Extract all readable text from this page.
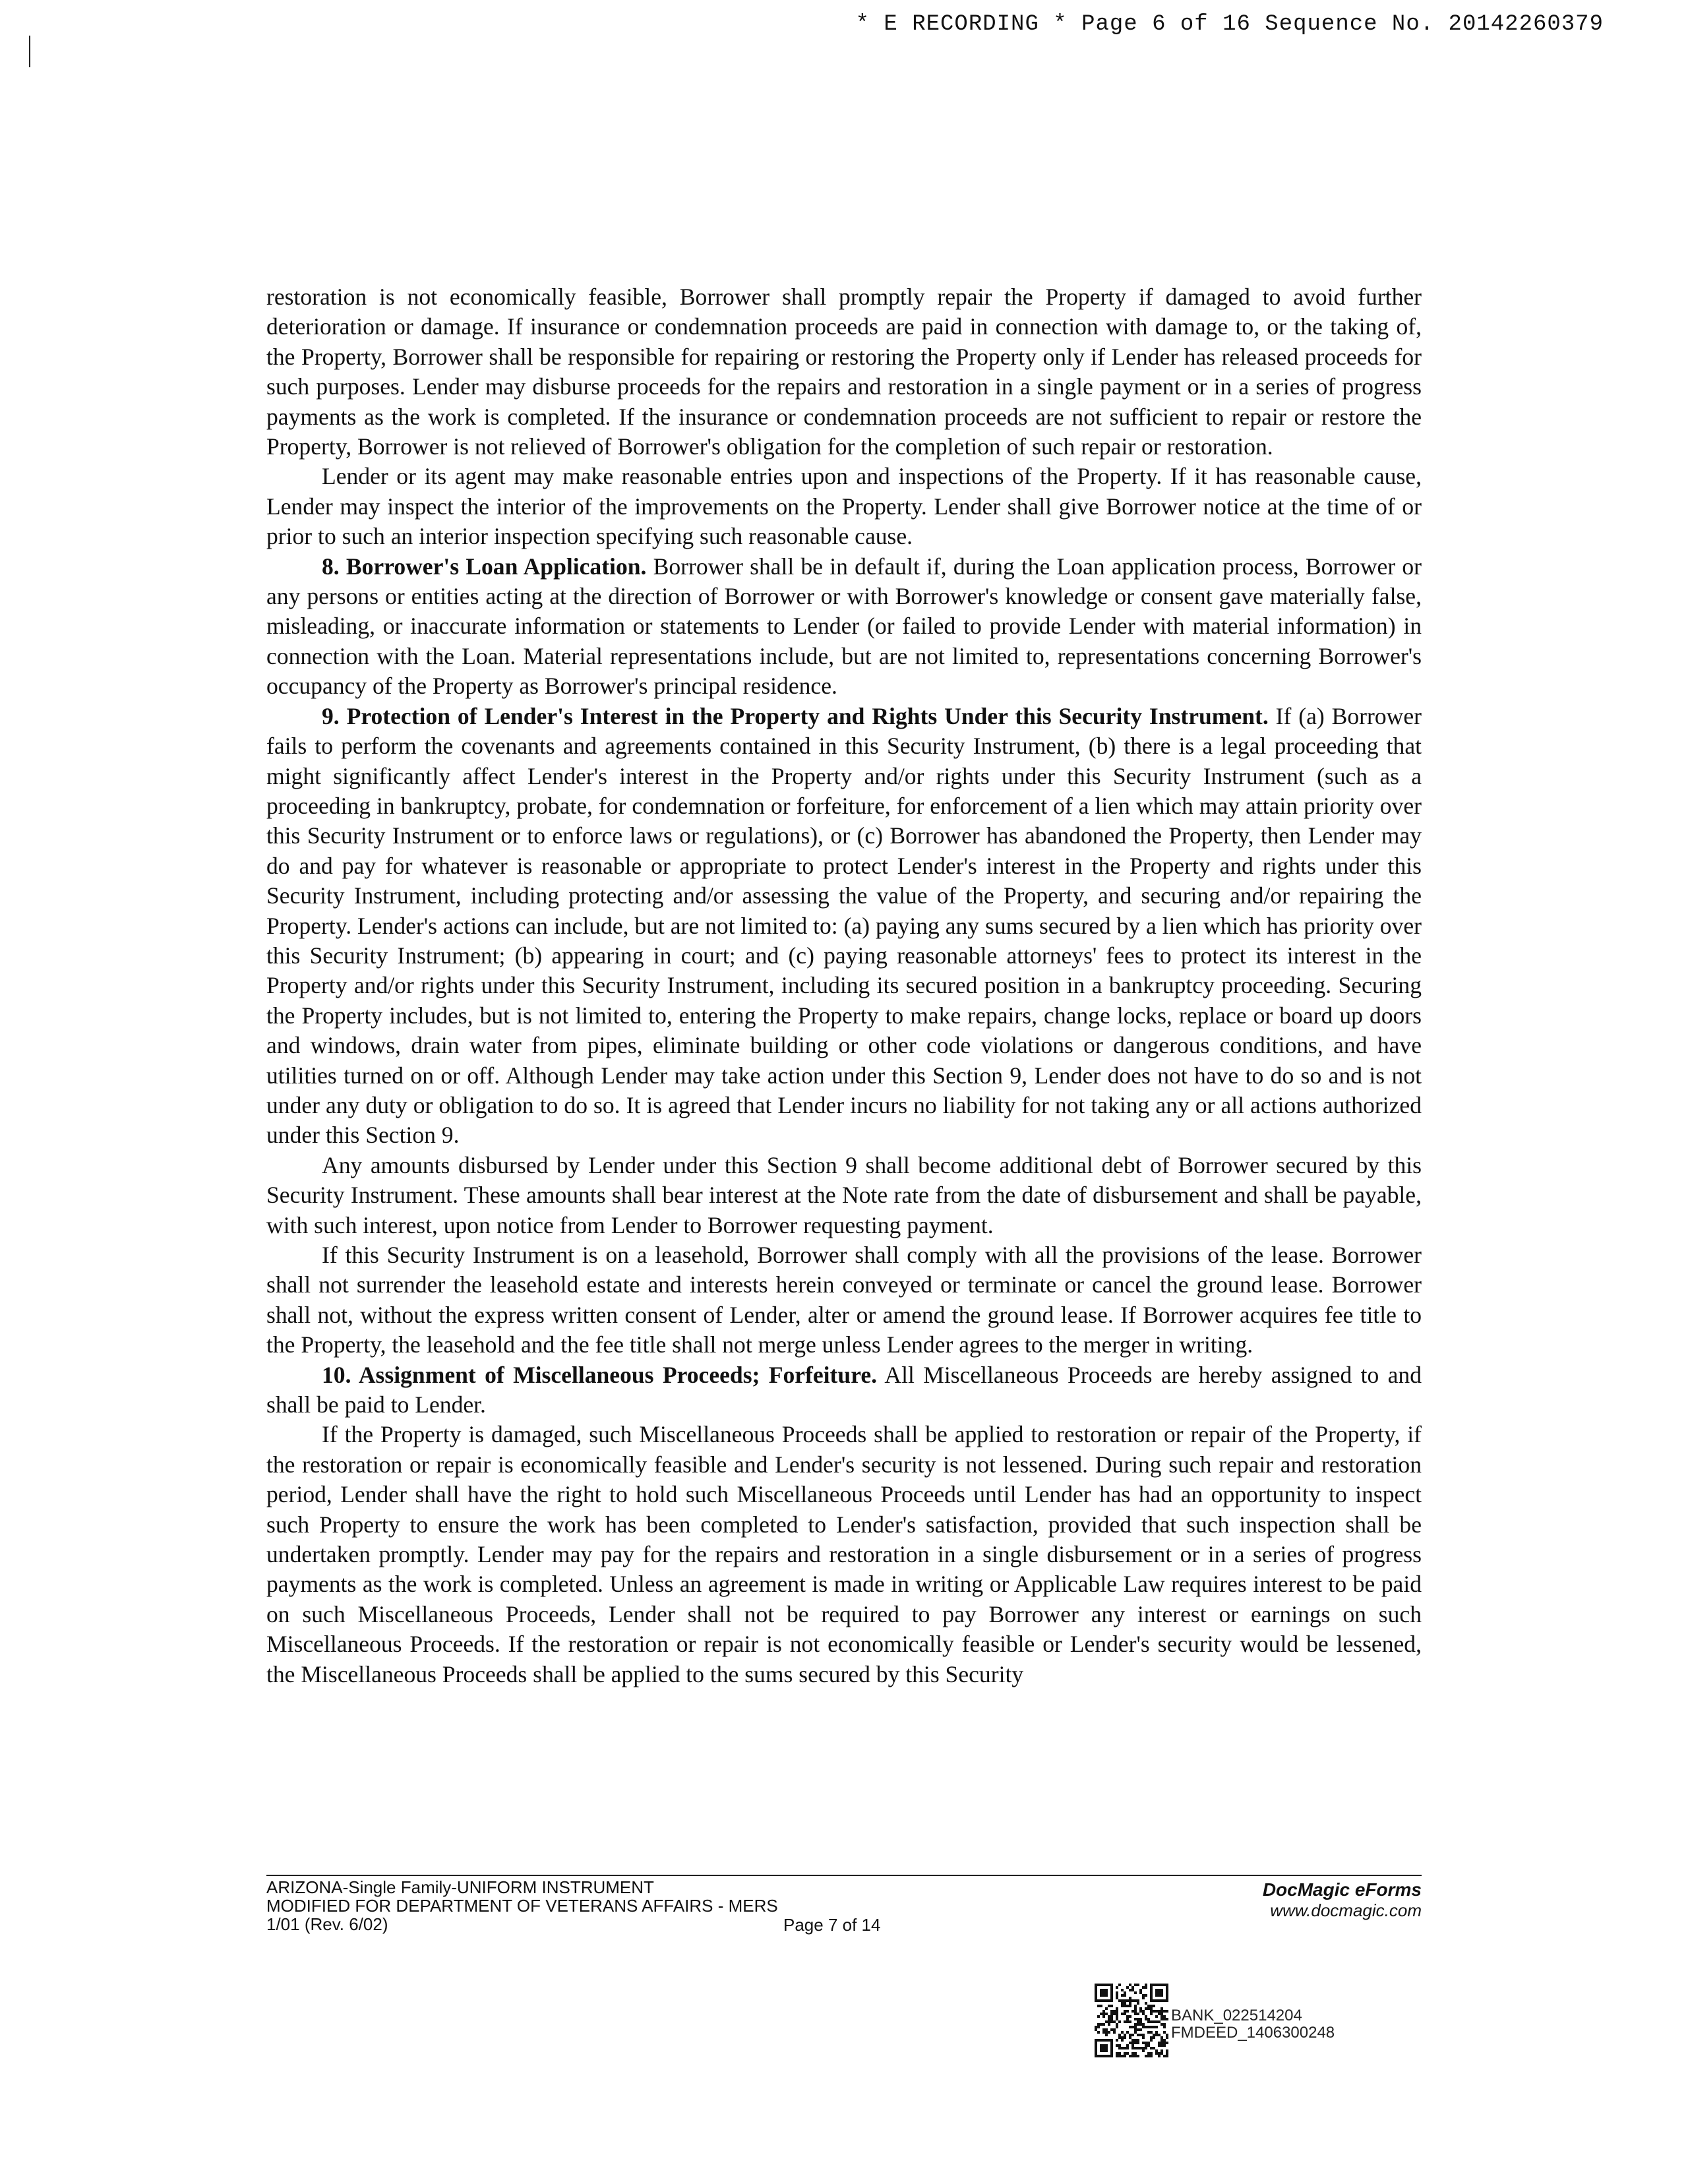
* E RECORDING * Page 6 of 16 Sequence No. 20142260379

restoration is not economically feasible, Borrower shall promptly repair the Property if damaged to avoid further deterioration or damage. If insurance or condemnation proceeds are paid in connection with damage to, or the taking of, the Property, Borrower shall be responsible for repairing or restoring the Property only if Lender has released proceeds for such purposes. Lender may disburse proceeds for the repairs and restoration in a single payment or in a series of progress payments as the work is completed. If the insurance or condemnation proceeds are not sufficient to repair or restore the Property, Borrower is not relieved of Borrower's obligation for the completion of such repair or restoration.

Lender or its agent may make reasonable entries upon and inspections of the Property. If it has reasonable cause, Lender may inspect the interior of the improvements on the Property. Lender shall give Borrower notice at the time of or prior to such an interior inspection specifying such reasonable cause.

8. Borrower's Loan Application. Borrower shall be in default if, during the Loan application process, Borrower or any persons or entities acting at the direction of Borrower or with Borrower's knowledge or consent gave materially false, misleading, or inaccurate information or statements to Lender (or failed to provide Lender with material information) in connection with the Loan. Material representations include, but are not limited to, representations concerning Borrower's occupancy of the Property as Borrower's principal residence.

9. Protection of Lender's Interest in the Property and Rights Under this Security Instrument. If (a) Borrower fails to perform the covenants and agreements contained in this Security Instrument, (b) there is a legal proceeding that might significantly affect Lender's interest in the Property and/or rights under this Security Instrument (such as a proceeding in bankruptcy, probate, for condemnation or forfeiture, for enforcement of a lien which may attain priority over this Security Instrument or to enforce laws or regulations), or (c) Borrower has abandoned the Property, then Lender may do and pay for whatever is reasonable or appropriate to protect Lender's interest in the Property and rights under this Security Instrument, including protecting and/or assessing the value of the Property, and securing and/or repairing the Property. Lender's actions can include, but are not limited to: (a) paying any sums secured by a lien which has priority over this Security Instrument; (b) appearing in court; and (c) paying reasonable attorneys' fees to protect its interest in the Property and/or rights under this Security Instrument, including its secured position in a bankruptcy proceeding. Securing the Property includes, but is not limited to, entering the Property to make repairs, change locks, replace or board up doors and windows, drain water from pipes, eliminate building or other code violations or dangerous conditions, and have utilities turned on or off. Although Lender may take action under this Section 9, Lender does not have to do so and is not under any duty or obligation to do so. It is agreed that Lender incurs no liability for not taking any or all actions authorized under this Section 9.

Any amounts disbursed by Lender under this Section 9 shall become additional debt of Borrower secured by this Security Instrument. These amounts shall bear interest at the Note rate from the date of disbursement and shall be payable, with such interest, upon notice from Lender to Borrower requesting payment.

If this Security Instrument is on a leasehold, Borrower shall comply with all the provisions of the lease. Borrower shall not surrender the leasehold estate and interests herein conveyed or terminate or cancel the ground lease. Borrower shall not, without the express written consent of Lender, alter or amend the ground lease. If Borrower acquires fee title to the Property, the leasehold and the fee title shall not merge unless Lender agrees to the merger in writing.

10. Assignment of Miscellaneous Proceeds; Forfeiture. All Miscellaneous Proceeds are hereby assigned to and shall be paid to Lender.

If the Property is damaged, such Miscellaneous Proceeds shall be applied to restoration or repair of the Property, if the restoration or repair is economically feasible and Lender's security is not lessened. During such repair and restoration period, Lender shall have the right to hold such Miscellaneous Proceeds until Lender has had an opportunity to inspect such Property to ensure the work has been completed to Lender's satisfaction, provided that such inspection shall be undertaken promptly. Lender may pay for the repairs and restoration in a single disbursement or in a series of progress payments as the work is completed. Unless an agreement is made in writing or Applicable Law requires interest to be paid on such Miscellaneous Proceeds, Lender shall not be required to pay Borrower any interest or earnings on such Miscellaneous Proceeds. If the restoration or repair is not economically feasible or Lender's security would be lessened, the Miscellaneous Proceeds shall be applied to the sums secured by this Security

ARIZONA-Single Family-UNIFORM INSTRUMENT
MODIFIED FOR DEPARTMENT OF VETERANS AFFAIRS - MERS
1/01 (Rev. 6/02)	Page 7 of 14
DocMagic eForms
www.docmagic.com
BANK_022514204
FMDEED_1406300248
